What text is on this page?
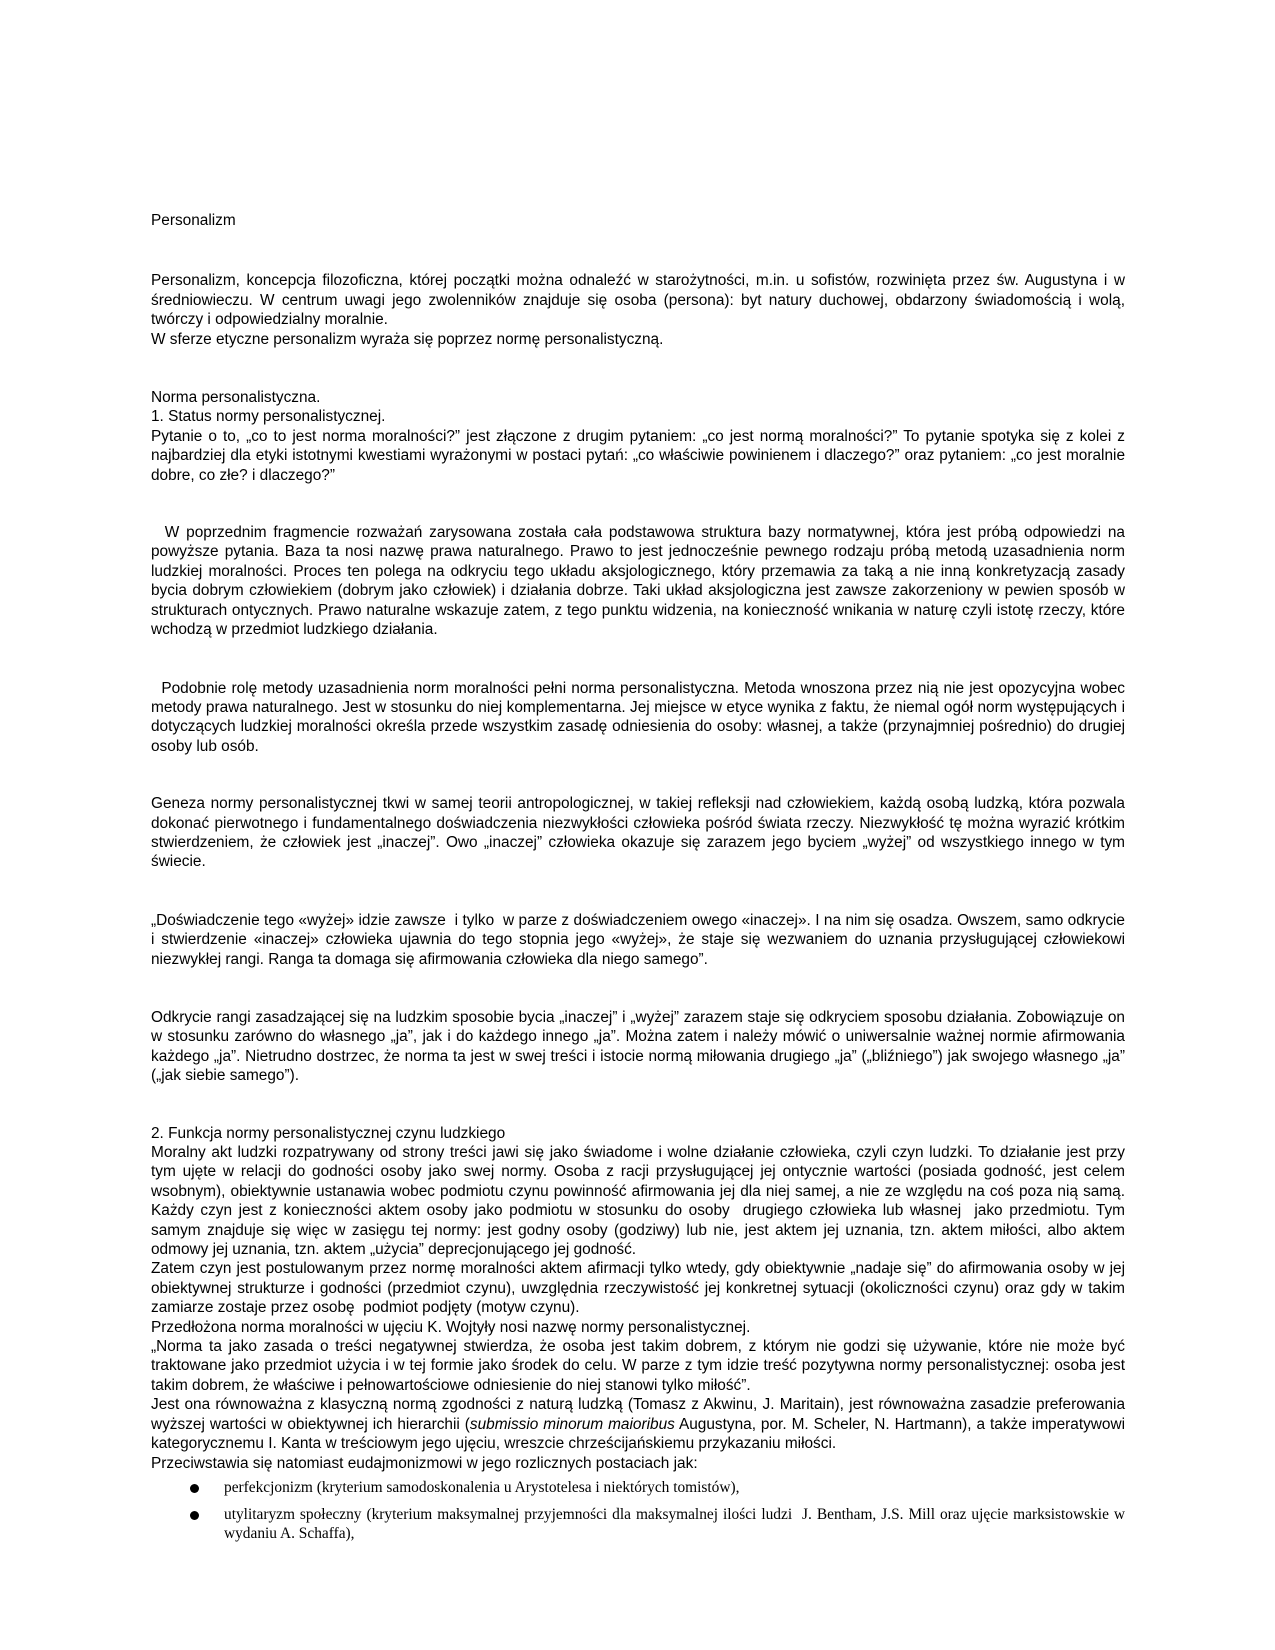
Personalizm

Personalizm, koncepcja filozoficzna, której początki można odnaleźć w starożytności, m.in. u sofistów, rozwinięta przez św. Augustyna i w średniowieczu. W centrum uwagi jego zwolenników znajduje się osoba (persona): byt natury duchowej, obdarzony świadomością i wolą, twórczy i odpowiedzialny moralnie.

W sferze etyczne personalizm wyraża się poprzez normę personalistyczną.

Norma personalistyczna.

1. Status normy personalistycznej.

Pytanie o to, „co to jest norma moralności?” jest złączone z drugim pytaniem: „co jest normą moralności?” To pytanie spotyka się z kolei z najbardziej dla etyki istotnymi kwestiami wyrażonymi w postaci pytań: „co właściwie powinienem i dlaczego?” oraz pytaniem: „co jest moralnie dobre, co złe? i dlaczego?”

W poprzednim fragmencie rozważań zarysowana została cała podstawowa struktura bazy normatywnej, która jest próbą odpowiedzi na powyższe pytania. Baza ta nosi nazwę prawa naturalnego. Prawo to jest jednocześnie pewnego rodzaju próbą metodą uzasadnienia norm ludzkiej moralności. Proces ten polega na odkryciu tego układu aksjologicznego, który przemawia za taką a nie inną konkretyzacją zasady bycia dobrym człowiekiem (dobrym jako człowiek) i działania dobrze. Taki układ aksjologiczna jest zawsze zakorzeniony w pewien sposób w strukturach ontycznych. Prawo naturalne wskazuje zatem, z tego punktu widzenia, na konieczność wnikania w naturę czyli istotę rzeczy, które wchodzą w przedmiot ludzkiego działania.

Podobnie rolę metody uzasadnienia norm moralności pełni norma personalistyczna. Metoda wnoszona przez nią nie jest opozycyjna wobec metody prawa naturalnego. Jest w stosunku do niej komplementarna. Jej miejsce w etyce wynika z faktu, że niemal ogół norm występujących i dotyczących ludzkiej moralności określa przede wszystkim zasadę odniesienia do osoby: własnej, a także (przynajmniej pośrednio) do drugiej osoby lub osób.

Geneza normy personalistycznej tkwi w samej teorii antropologicznej, w takiej refleksji nad człowiekiem, każdą osobą ludzką, która pozwala dokonać pierwotnego i fundamentalnego doświadczenia niezwykłości człowieka pośród świata rzeczy. Niezwykłość tę można wyrazić krótkim stwierdzeniem, że człowiek jest „inaczej”. Owo „inaczej” człowieka okazuje się zarazem jego byciem „wyżej” od wszystkiego innego w tym świecie.

„Doświadczenie tego «wyżej» idzie zawsze  i tylko  w parze z doświadczeniem owego «inaczej». I na nim się osadza. Owszem, samo odkrycie i stwierdzenie «inaczej» człowieka ujawnia do tego stopnia jego «wyżej», że staje się wezwaniem do uznania przysługującej człowiekowi niezwykłej rangi. Ranga ta domaga się afirmowania człowieka dla niego samego”.

Odkrycie rangi zasadzającej się na ludzkim sposobie bycia „inaczej” i „wyżej” zarazem staje się odkryciem sposobu działania. Zobowiązuje on w stosunku zarówno do własnego „ja”, jak i do każdego innego „ja”. Można zatem i należy mówić o uniwersalnie ważnej normie afirmowania każdego „ja”. Nietrudno dostrzec, że norma ta jest w swej treści i istocie normą miłowania drugiego „ja” („bliźniego”) jak swojego własnego „ja” („jak siebie samego”).

2. Funkcja normy personalistycznej czynu ludzkiego

Moralny akt ludzki rozpatrywany od strony treści jawi się jako świadome i wolne działanie człowieka, czyli czyn ludzki. To działanie jest przy tym ujęte w relacji do godności osoby jako swej normy. Osoba z racji przysługującej jej ontycznie wartości (posiada godność, jest celem wsobnym), obiektywnie ustanawia wobec podmiotu czynu powinność afirmowania jej dla niej samej, a nie ze względu na coś poza nią samą. Każdy czyn jest z konieczności aktem osoby jako podmiotu w stosunku do osoby  drugiego człowieka lub własnej  jako przedmiotu. Tym samym znajduje się więc w zasięgu tej normy: jest godny osoby (godziwy) lub nie, jest aktem jej uznania, tzn. aktem miłości, albo aktem odmowy jej uznania, tzn. aktem „użycia” deprecjonującego jej godność.

Zatem czyn jest postulowanym przez normę moralności aktem afirmacji tylko wtedy, gdy obiektywnie „nadaje się” do afirmowania osoby w jej obiektywnej strukturze i godności (przedmiot czynu), uwzględnia rzeczywistość jej konkretnej sytuacji (okoliczności czynu) oraz gdy w takim zamiarze zostaje przez osobę  podmiot podjęty (motyw czynu).

Przedłożona norma moralności w ujęciu K. Wojtyły nosi nazwę normy personalistycznej.

„Norma ta jako zasada o treści negatywnej stwierdza, że osoba jest takim dobrem, z którym nie godzi się używanie, które nie może być traktowane jako przedmiot użycia i w tej formie jako środek do celu. W parze z tym idzie treść pozytywna normy personalistycznej: osoba jest takim dobrem, że właściwe i pełnowartościowe odniesienie do niej stanowi tylko miłość”.

Jest ona równoważna z klasyczną normą zgodności z naturą ludzką (Tomasz z Akwinu, J. Maritain), jest równoważna zasadzie preferowania wyższej wartości w obiektywnej ich hierarchii (submissio minorum maioribus Augustyna, por. M. Scheler, N. Hartmann), a także imperatywowi kategorycznemu I. Kanta w treściowym jego ujęciu, wreszcie chrześcijańskiemu przykazaniu miłości.

Przeciwstawia się natomiast eudajmonizmowi w jego rozlicznych postaciach jak:

perfekcjonizm (kryterium samodoskonalenia u Arystotelesa i niektórych tomistów),
utylitaryzm społeczny (kryterium maksymalnej przyjemności dla maksymalnej ilości ludzi  J. Bentham, J.S. Mill oraz ujęcie marksistowskie w wydaniu A. Schaffa),
